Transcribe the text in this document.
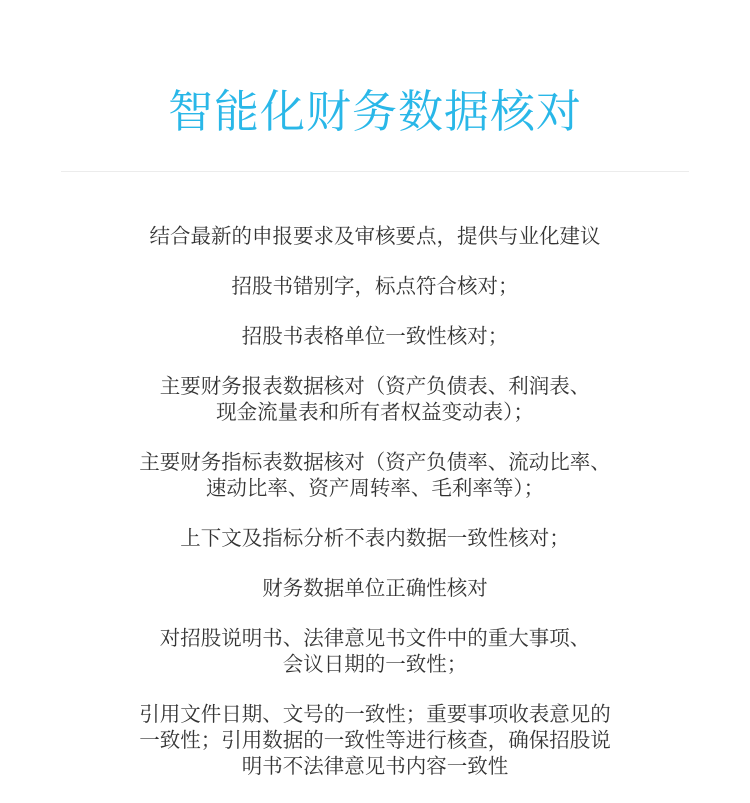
智能化财务数据核对
结合最新的申报要求及审核要点，提供与业化建议
招股书错别字，标点符合核对；
招股书表格单位一致性核对；
主要财务报表数据核对（资产负债表、利润表、
现金流量表和所有者权益变动表）；
主要财务指标表数据核对（资产负债率、流动比率、
速动比率、资产周转率、毛利率等）；
上下文及指标分析不表内数据一致性核对；
财务数据单位正确性核对
对招股说明书、法律意见书文件中的重大事项、
会议日期的一致性；
引用文件日期、文号的一致性；重要事项收表意见的
一致性；引用数据的一致性等进行核查，确保招股说
明书不法律意见书内容一致性
